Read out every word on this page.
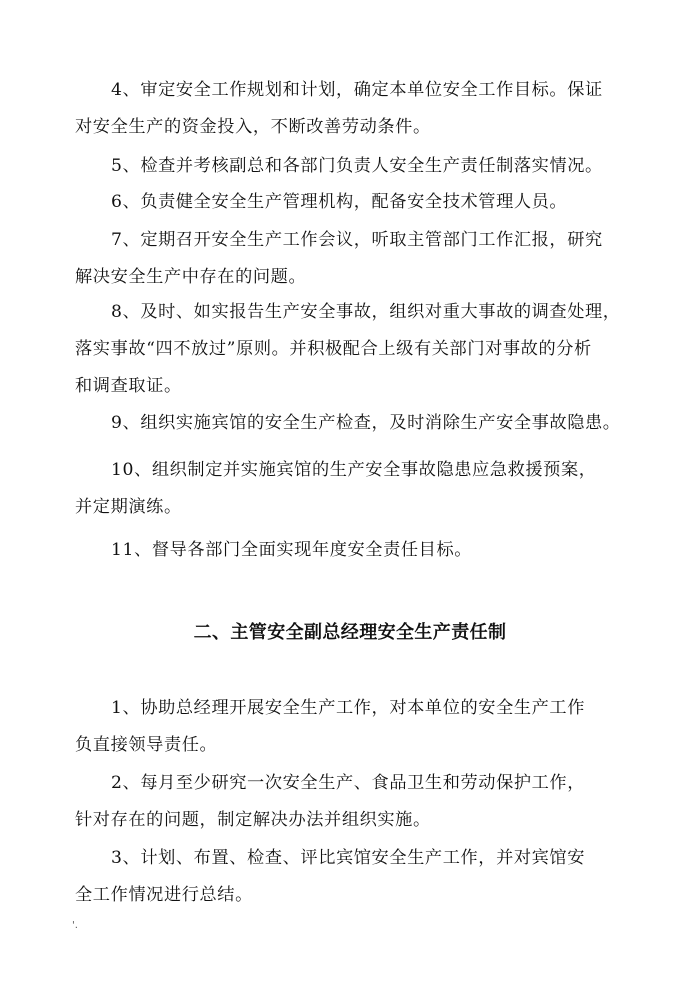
4、审定安全工作规划和计划，确定本单位安全工作目标。保证
对安全生产的资金投入，不断改善劳动条件。

5、检查并考核副总和各部门负责人安全生产责任制落实情况。

6、负责健全安全生产管理机构，配备安全技术管理人员。

7、定期召开安全生产工作会议，听取主管部门工作汇报，研究
解决安全生产中存在的问题。

8、及时、如实报告生产安全事故，组织对重大事故的调查处理，
落实事故“四不放过”原则。并积极配合上级有关部门对事故的分析
和调查取证。

9、组织实施宾馆的安全生产检查，及时消除生产安全事故隐患。

10、组织制定并实施宾馆的生产安全事故隐患应急救援预案，
并定期演练。

11、督导各部门全面实现年度安全责任目标。

二、主管安全副总经理安全生产责任制

1、协助总经理开展安全生产工作，对本单位的安全生产工作
负直接领导责任。

2、每月至少研究一次安全生产、食品卫生和劳动保护工作，
针对存在的问题，制定解决办法并组织实施。

3、计划、布置、检查、评比宾馆安全生产工作，并对宾馆安
全工作情况进行总结。

'.
